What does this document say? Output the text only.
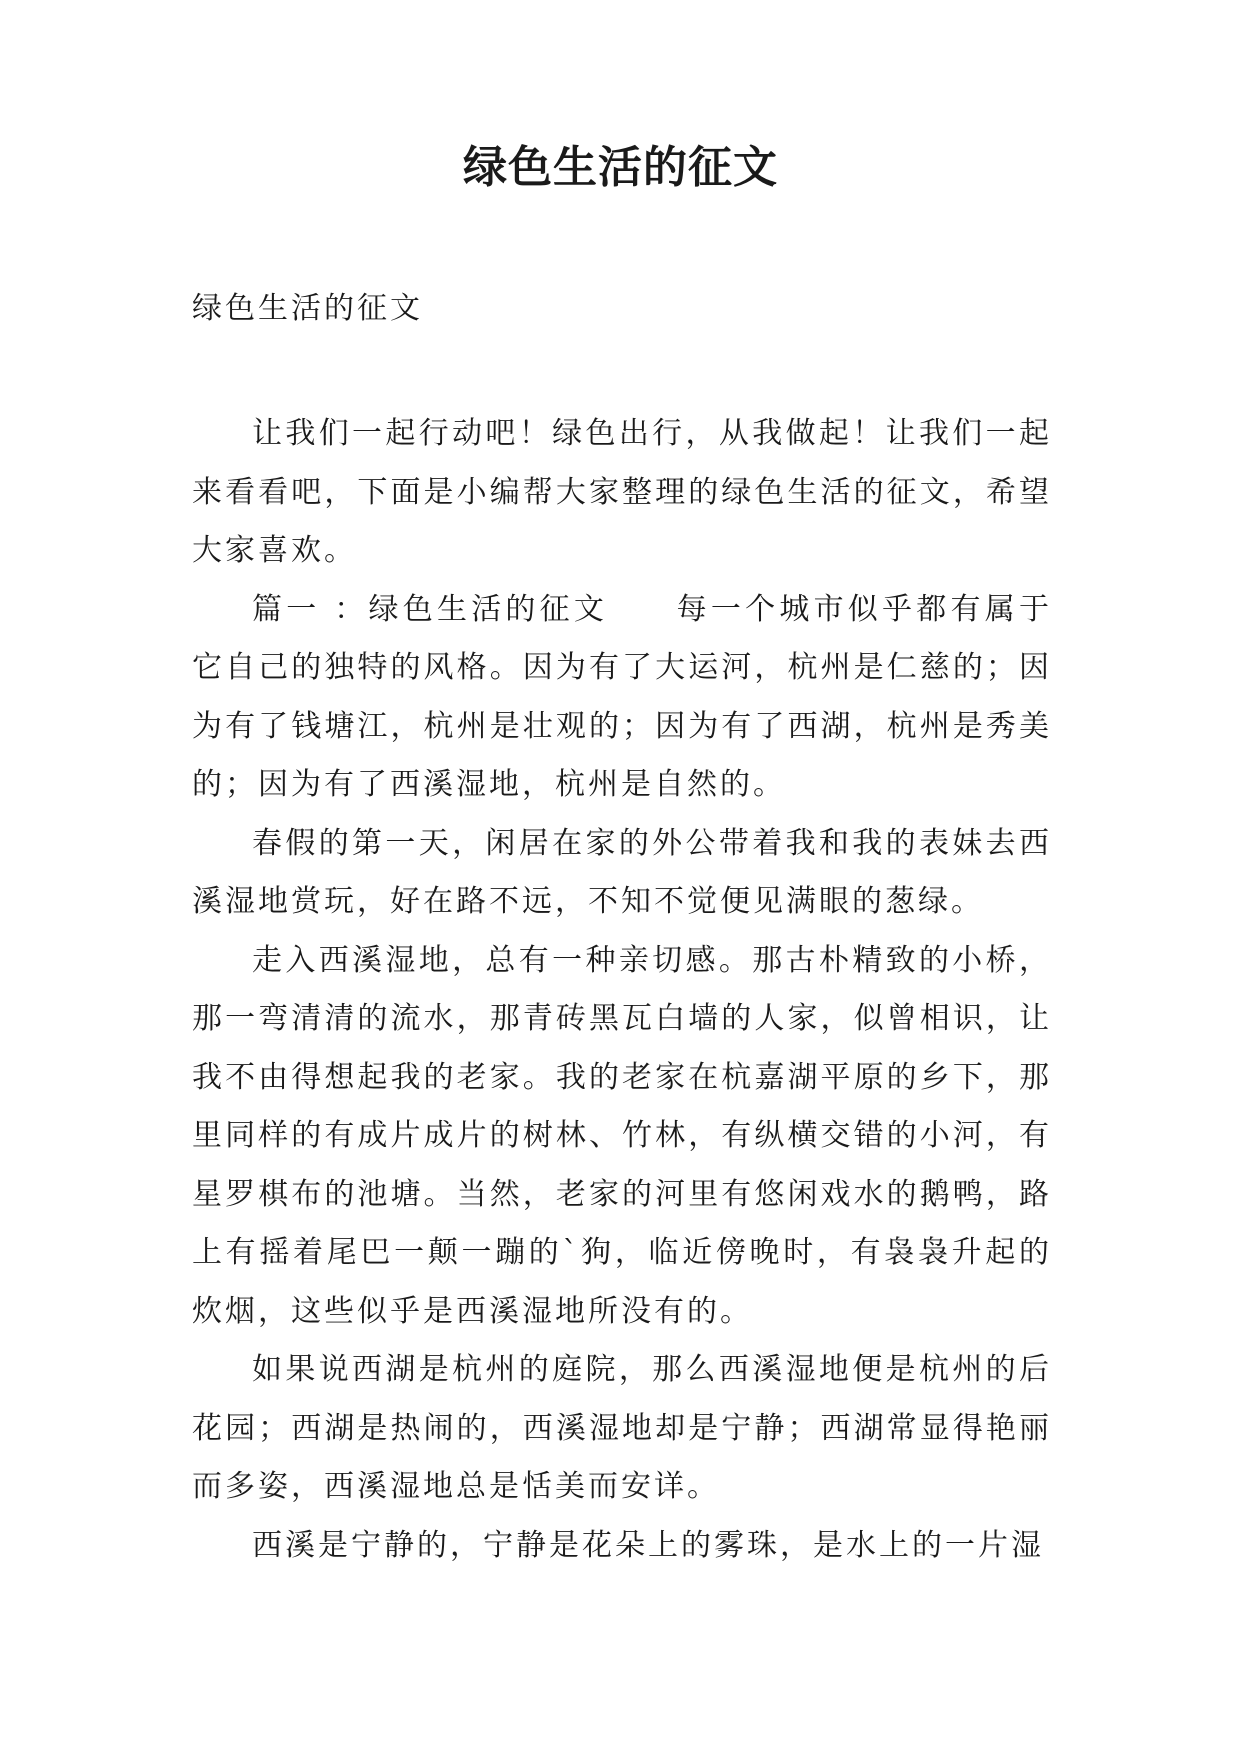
绿色生活的征文
绿色生活的征文

让我们一起行动吧！绿色出行，从我做起！让我们一起来看看吧，下面是小编帮大家整理的绿色生活的征文，希望大家喜欢。

篇一 ：绿色生活的征文　　每一个城市似乎都有属于它自己的独特的风格。因为有了大运河，杭州是仁慈的；因为有了钱塘江，杭州是壮观的；因为有了西湖，杭州是秀美的；因为有了西溪湿地，杭州是自然的。

春假的第一天，闲居在家的外公带着我和我的表妹去西溪湿地赏玩，好在路不远，不知不觉便见满眼的葱绿。

走入西溪湿地，总有一种亲切感。那古朴精致的小桥，那一弯清清的流水，那青砖黑瓦白墙的人家，似曾相识，让我不由得想起我的老家。我的老家在杭嘉湖平原的乡下，那里同样的有成片成片的树林、竹林，有纵横交错的小河，有星罗棋布的池塘。当然，老家的河里有悠闲戏水的鹅鸭，路上有摇着尾巴一颠一蹦的`狗，临近傍晚时，有袅袅升起的炊烟，这些似乎是西溪湿地所没有的。

如果说西湖是杭州的庭院，那么西溪湿地便是杭州的后花园；西湖是热闹的，西溪湿地却是宁静；西湖常显得艳丽而多姿，西溪湿地总是恬美而安详。

西溪是宁静的，宁静是花朵上的雾珠，是水上的一片湿
